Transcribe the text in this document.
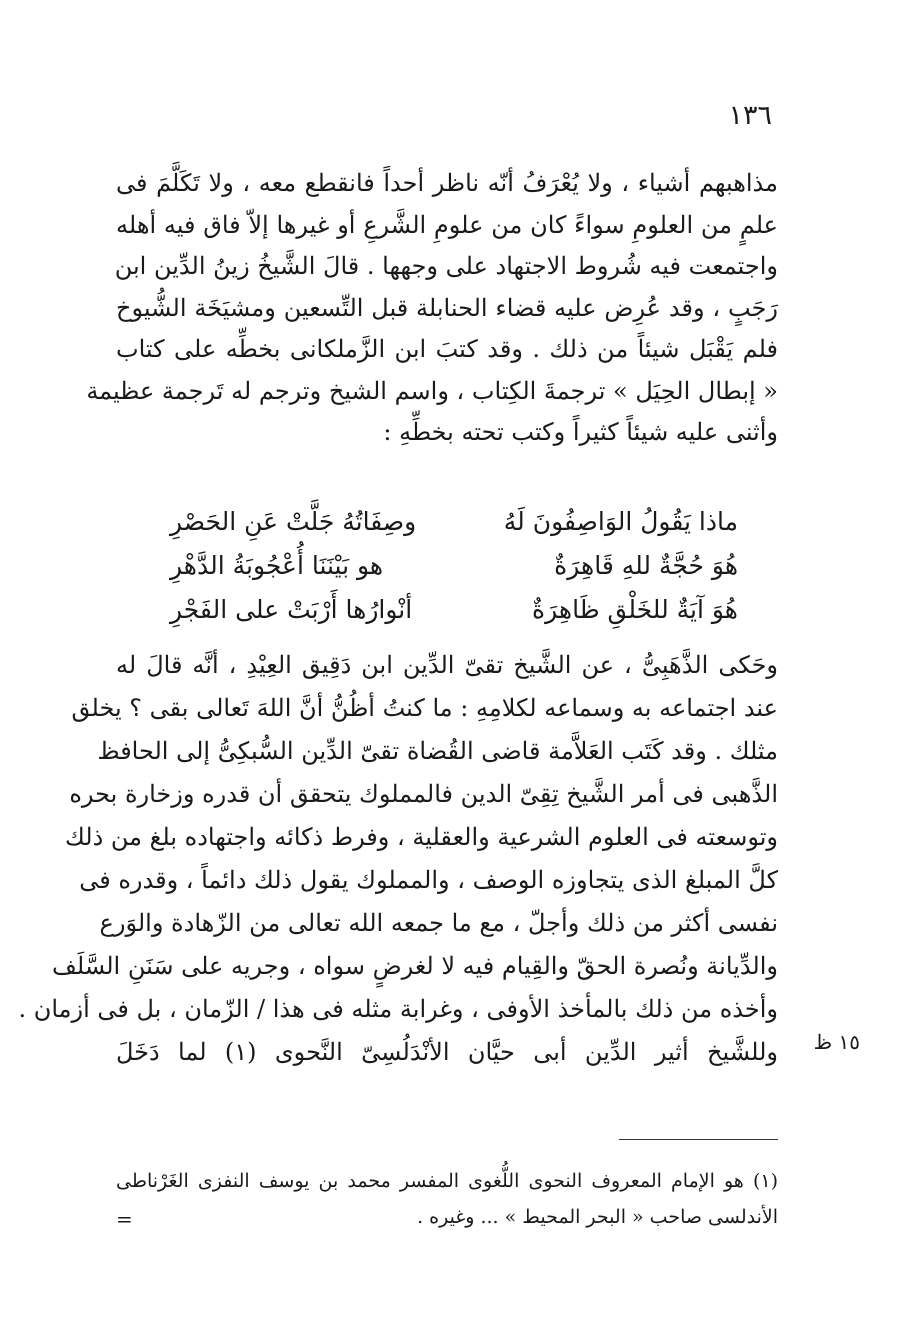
١٣٦
مذاهبهم أشياء ، ولا يُعْرَفُ أنّه ناظر أحداً فانقطع معه ، ولا تَكَلَّمَ فى
علمٍ من العلومِ سواءً كان من علومِ الشَّرعِ أو غيرها إلاّ فاق فيه أهله
واجتمعت فيه شُروط الاجتهاد على وجهها . قالَ الشَّيخُ زينُ الدِّين ابن
رَجَبٍ ، وقد عُرِض عليه قضاء الحنابلة قبل التِّسعين ومشيَخَة الشُّيوخ
فلم يَقْبَل شيئاً من ذلك . وقد كتبَ ابن الزَّملكانى بخطِّه على كتاب
« إبطال الحِيَل » ترجمةَ الكِتاب ، واسم الشيخ وترجم له تَرجمة عظيمة
وأثنى عليه شيئاً كثيراً وكتب تحته بخطِّهِ :
ماذا يَقُولُ الوَاصِفُونَ لَهُ
وصِفَاتُهُ جَلَّتْ عَنِ الحَصْرِ
هُوَ حُجَّةٌ للهِ قَاهِرَةٌ
هو بَيْنَنَا أُعْجُوبَةُ الدَّهْرِ
هُوَ آيَةٌ للخَلْقِ ظَاهِرَةٌ
أنْوارُها أَرْبَتْ على الفَجْرِ
وحَكى الذَّهَبِىُّ ، عن الشَّيخ تقىّ الدِّين ابن دَقِيق العِيْدِ ، أنَّه قالَ له
عند اجتماعه به وسماعه لكلامِهِ : ما كنتُ أظُنُّ أنَّ اللهَ تَعالى بقى ؟ يخلق
مثلك . وقد كَتَب العَلاَّمة قاضى القُضاة تقىّ الدِّين السُّبكِىُّ إلى الحافظ
الذَّهبى فى أمر الشَّيخ تِقِىّ الدين فالمملوك يتحقق أن قدره وزخارة بحره
وتوسعته فى العلوم الشرعية والعقلية ، وفرط ذكائه واجتهاده بلغ من ذلك
كلَّ المبلغ الذى يتجاوزه الوصف ، والمملوك يقول ذلك دائماً ، وقدره فى
نفسى أكثر من ذلك وأجلّ ، مع ما جمعه الله تعالى من الزّهادة والوَرع
والدِّيانة ونُصرة الحقّ والقِيام فيه لا لغرضٍ سواه ، وجريه على سَنَنِ السَّلَف
وأخذه من ذلك بالمأخذ الأوفى ، وغرابة مثله فى هذا / الزّمان ، بل فى أزمان .
وللشَّيخ أثير الدِّين أبى حيَّان الأنْدَلُسِىّ النَّحوى (١) لما دَخَلَ	١٥ ظ
(١) هو الإمام المعروف النحوى اللُّغوى المفسر محمد بن يوسف النفزى الغَرْناطى
الأندلسى صاحب « البحر المحيط » ... وغيره .
=
